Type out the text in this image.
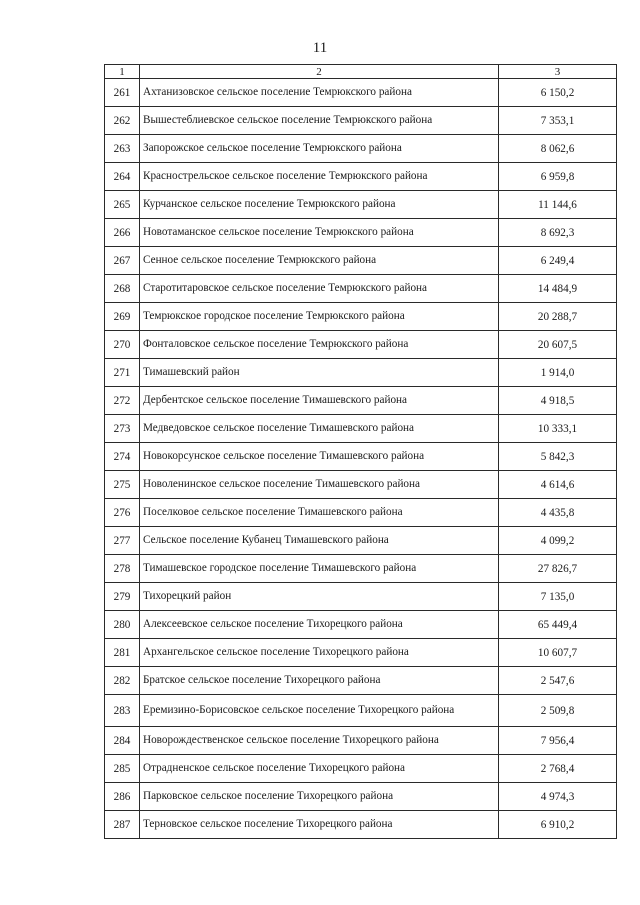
11
1	2	3
261	Ахтанизовское сельское поселение Темрюкского района	6 150,2
262	Вышестеблиевское сельское поселение Темрюкского района	7 353,1
263	Запорожское сельское поселение Темрюкского района	8 062,6
264	Краснострельское сельское поселение Темрюкского района	6 959,8
265	Курчанское сельское поселение Темрюкского района	11 144,6
266	Новотаманское сельское поселение Темрюкского района	8 692,3
267	Сенное сельское поселение Темрюкского района	6 249,4
268	Старотитаровское сельское поселение Темрюкского района	14 484,9
269	Темрюкское городское поселение Темрюкского района	20 288,7
270	Фонталовское сельское поселение Темрюкского района	20 607,5
271	Тимашевский район	1 914,0
272	Дербентское сельское поселение Тимашевского района	4 918,5
273	Медведовское сельское поселение Тимашевского района	10 333,1
274	Новокорсунское сельское поселение Тимашевского района	5 842,3
275	Новоленинское сельское поселение Тимашевского района	4 614,6
276	Поселковое сельское поселение Тимашевского района	4 435,8
277	Сельское поселение Кубанец Тимашевского района	4 099,2
278	Тимашевское городское поселение Тимашевского района	27 826,7
279	Тихорецкий район	7 135,0
280	Алексеевское сельское поселение Тихорецкого района	65 449,4
281	Архангельское сельское поселение Тихорецкого района	10 607,7
282	Братское сельское поселение Тихорецкого района	2 547,6
283	Еремизино-Борисовское сельское поселение Тихорецкого района	2 509,8
284	Новорождественское сельское поселение Тихорецкого района	7 956,4
285	Отрадненское сельское поселение Тихорецкого района	2 768,4
286	Парковское сельское поселение Тихорецкого района	4 974,3
287	Терновское сельское поселение Тихорецкого района	6 910,2
